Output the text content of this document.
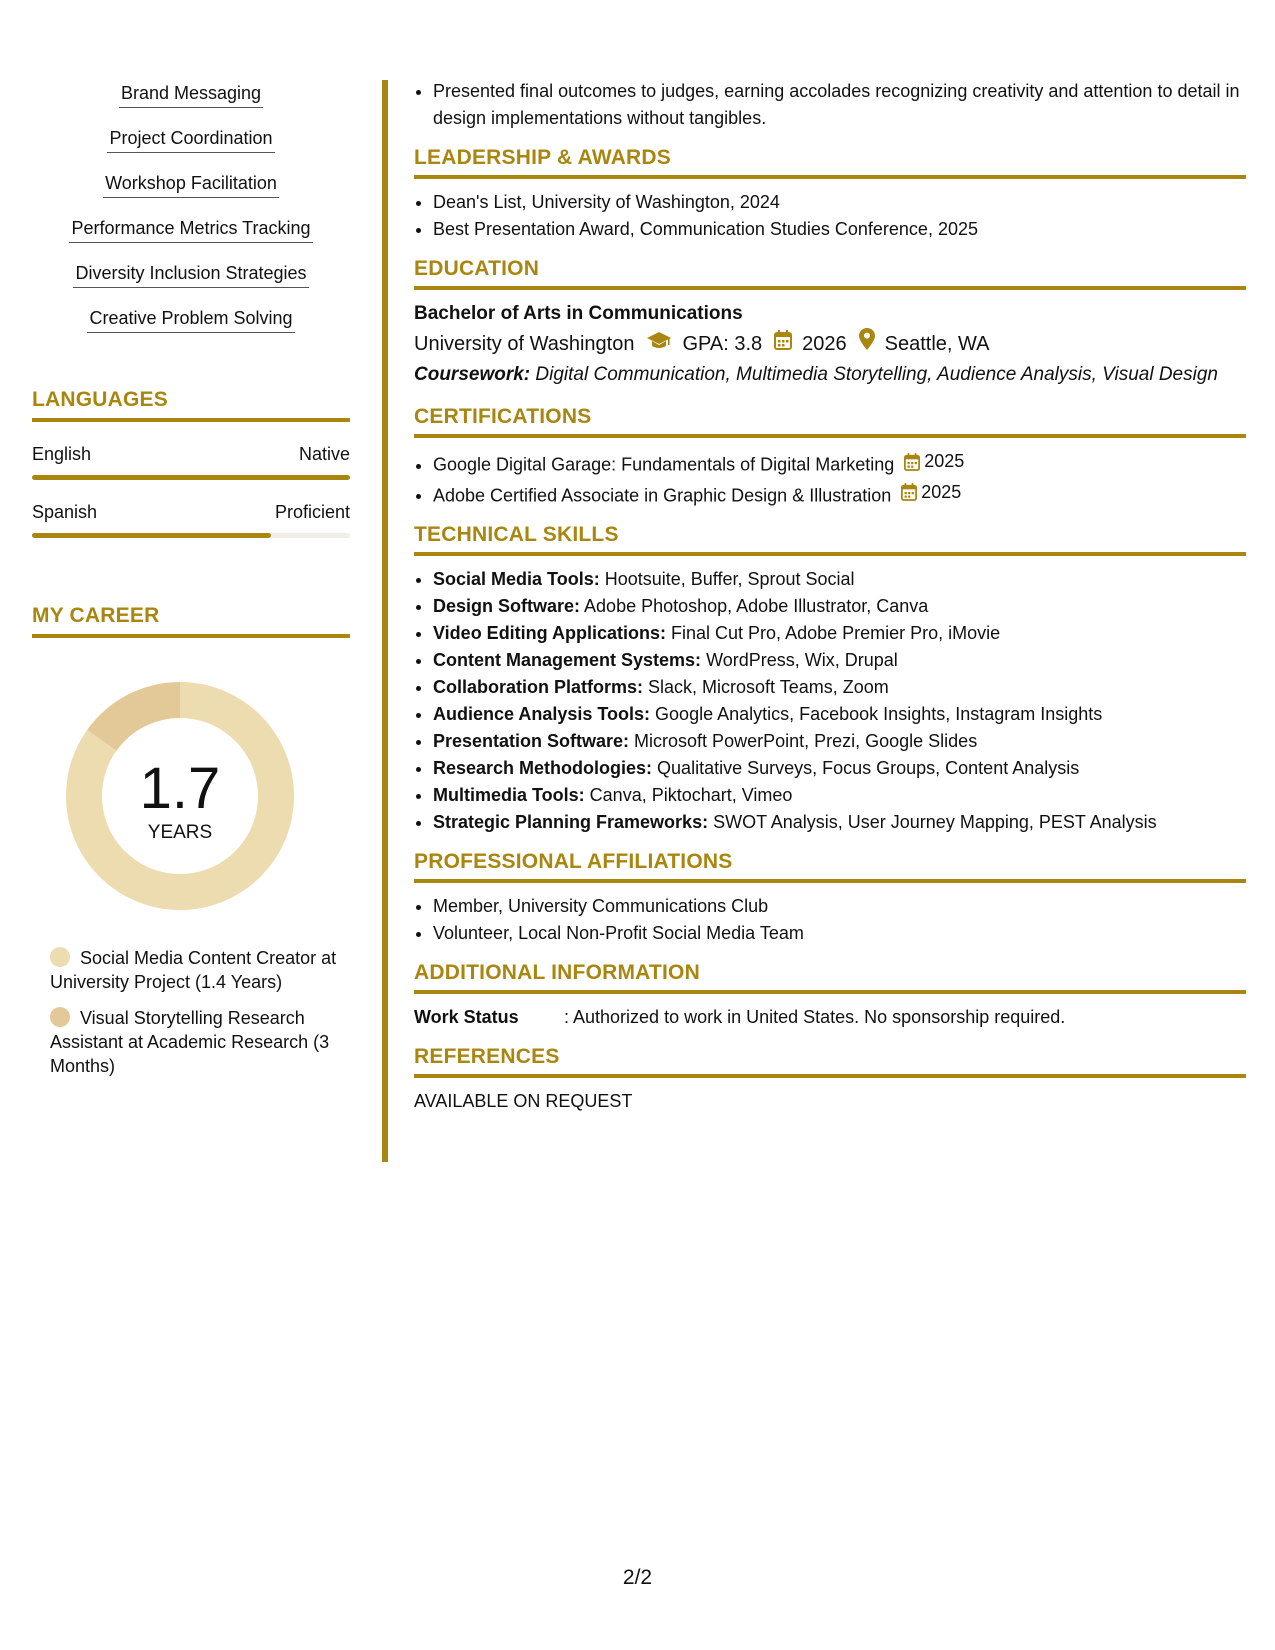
Brand Messaging
Project Coordination
Workshop Facilitation
Performance Metrics Tracking
Diversity Inclusion Strategies
Creative Problem Solving
LANGUAGES
English	Native
Spanish	Proficient
MY CAREER
1.7
YEARS
Social Media Content Creator at University Project (1.4 Years)
Visual Storytelling Research Assistant at Academic Research (3 Months)
• Presented final outcomes to judges, earning accolades recognizing creativity and attention to detail in design implementations without tangibles.
LEADERSHIP & AWARDS
• Dean's List, University of Washington, 2024
• Best Presentation Award, Communication Studies Conference, 2025
EDUCATION
Bachelor of Arts in Communications
University of Washington GPA: 3.8 2026 Seattle, WA
Coursework: Digital Communication, Multimedia Storytelling, Audience Analysis, Visual Design
CERTIFICATIONS
• Google Digital Garage: Fundamentals of Digital Marketing 2025
• Adobe Certified Associate in Graphic Design & Illustration 2025
TECHNICAL SKILLS
• Social Media Tools: Hootsuite, Buffer, Sprout Social
• Design Software: Adobe Photoshop, Adobe Illustrator, Canva
• Video Editing Applications: Final Cut Pro, Adobe Premier Pro, iMovie
• Content Management Systems: WordPress, Wix, Drupal
• Collaboration Platforms: Slack, Microsoft Teams, Zoom
• Audience Analysis Tools: Google Analytics, Facebook Insights, Instagram Insights
• Presentation Software: Microsoft PowerPoint, Prezi, Google Slides
• Research Methodologies: Qualitative Surveys, Focus Groups, Content Analysis
• Multimedia Tools: Canva, Piktochart, Vimeo
• Strategic Planning Frameworks: SWOT Analysis, User Journey Mapping, PEST Analysis
PROFESSIONAL AFFILIATIONS
• Member, University Communications Club
• Volunteer, Local Non-Profit Social Media Team
ADDITIONAL INFORMATION
Work Status	: Authorized to work in United States. No sponsorship required.
REFERENCES
AVAILABLE ON REQUEST
2/2
